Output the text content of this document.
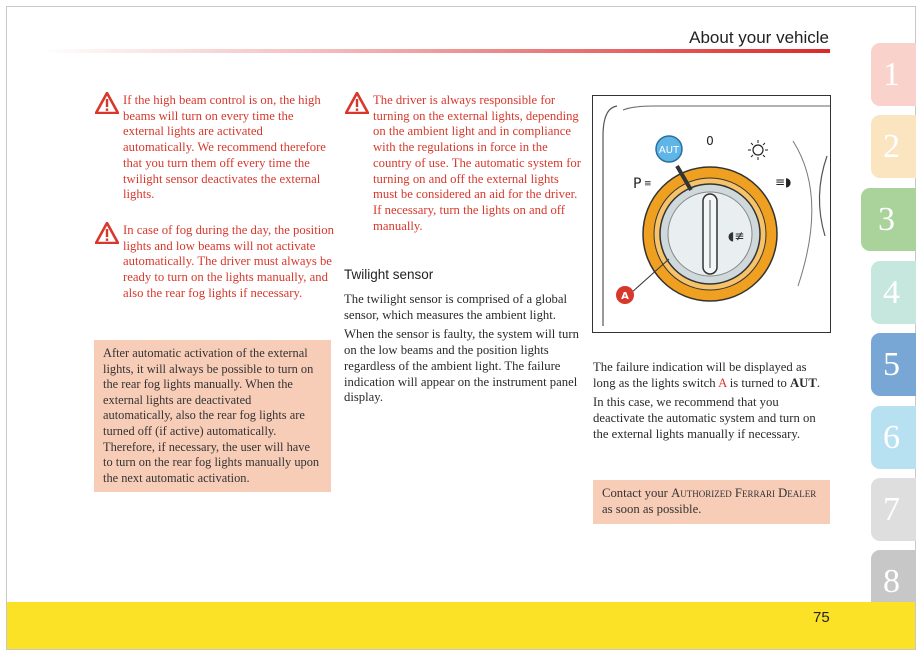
About your vehicle
If the high beam control is on, the high beams will turn on every time the external lights are activated automatically. We recommend therefore that you turn them off every time the twilight sensor deactivates the external lights.
In case of fog during the day, the position lights and low beams will not activate automatically. The driver must always be ready to turn on the lights manually, and also the rear fog lights if necessary.
After automatic activation of the external lights, it will always be possible to turn on the rear fog lights manually. When the external lights are deactivated automatically, also the rear fog lights are turned off (if active) automatically. Therefore, if necessary, the user will have to turn on the rear fog lights manually upon the next automatic activation.
The driver is always responsible for turning on the external lights, depending on the ambient light and in compliance with the regulations in force in the country of use. The automatic system for turning on and off the external lights must be considered an aid for the driver. If necessary, turn the lights on and off manually.
Twilight sensor

The twilight sensor is comprised of a global sensor, which measures the ambient light.

When the sensor is faulty, the system will turn on the low beams and the position lights regardless of the ambient light. The failure indication will appear on the instrument panel display.

◖≢
AUT
0
P ≡	≡◗
A

The failure indication will be displayed as long as the lights switch A is turned to AUT.

In this case, we recommend that you deactivate the automatic system and turn on the external lights manually if necessary.

Contact your Authorized Ferrari Dealer as soon as possible.
1
2
3
4
5
6
7
8
75
